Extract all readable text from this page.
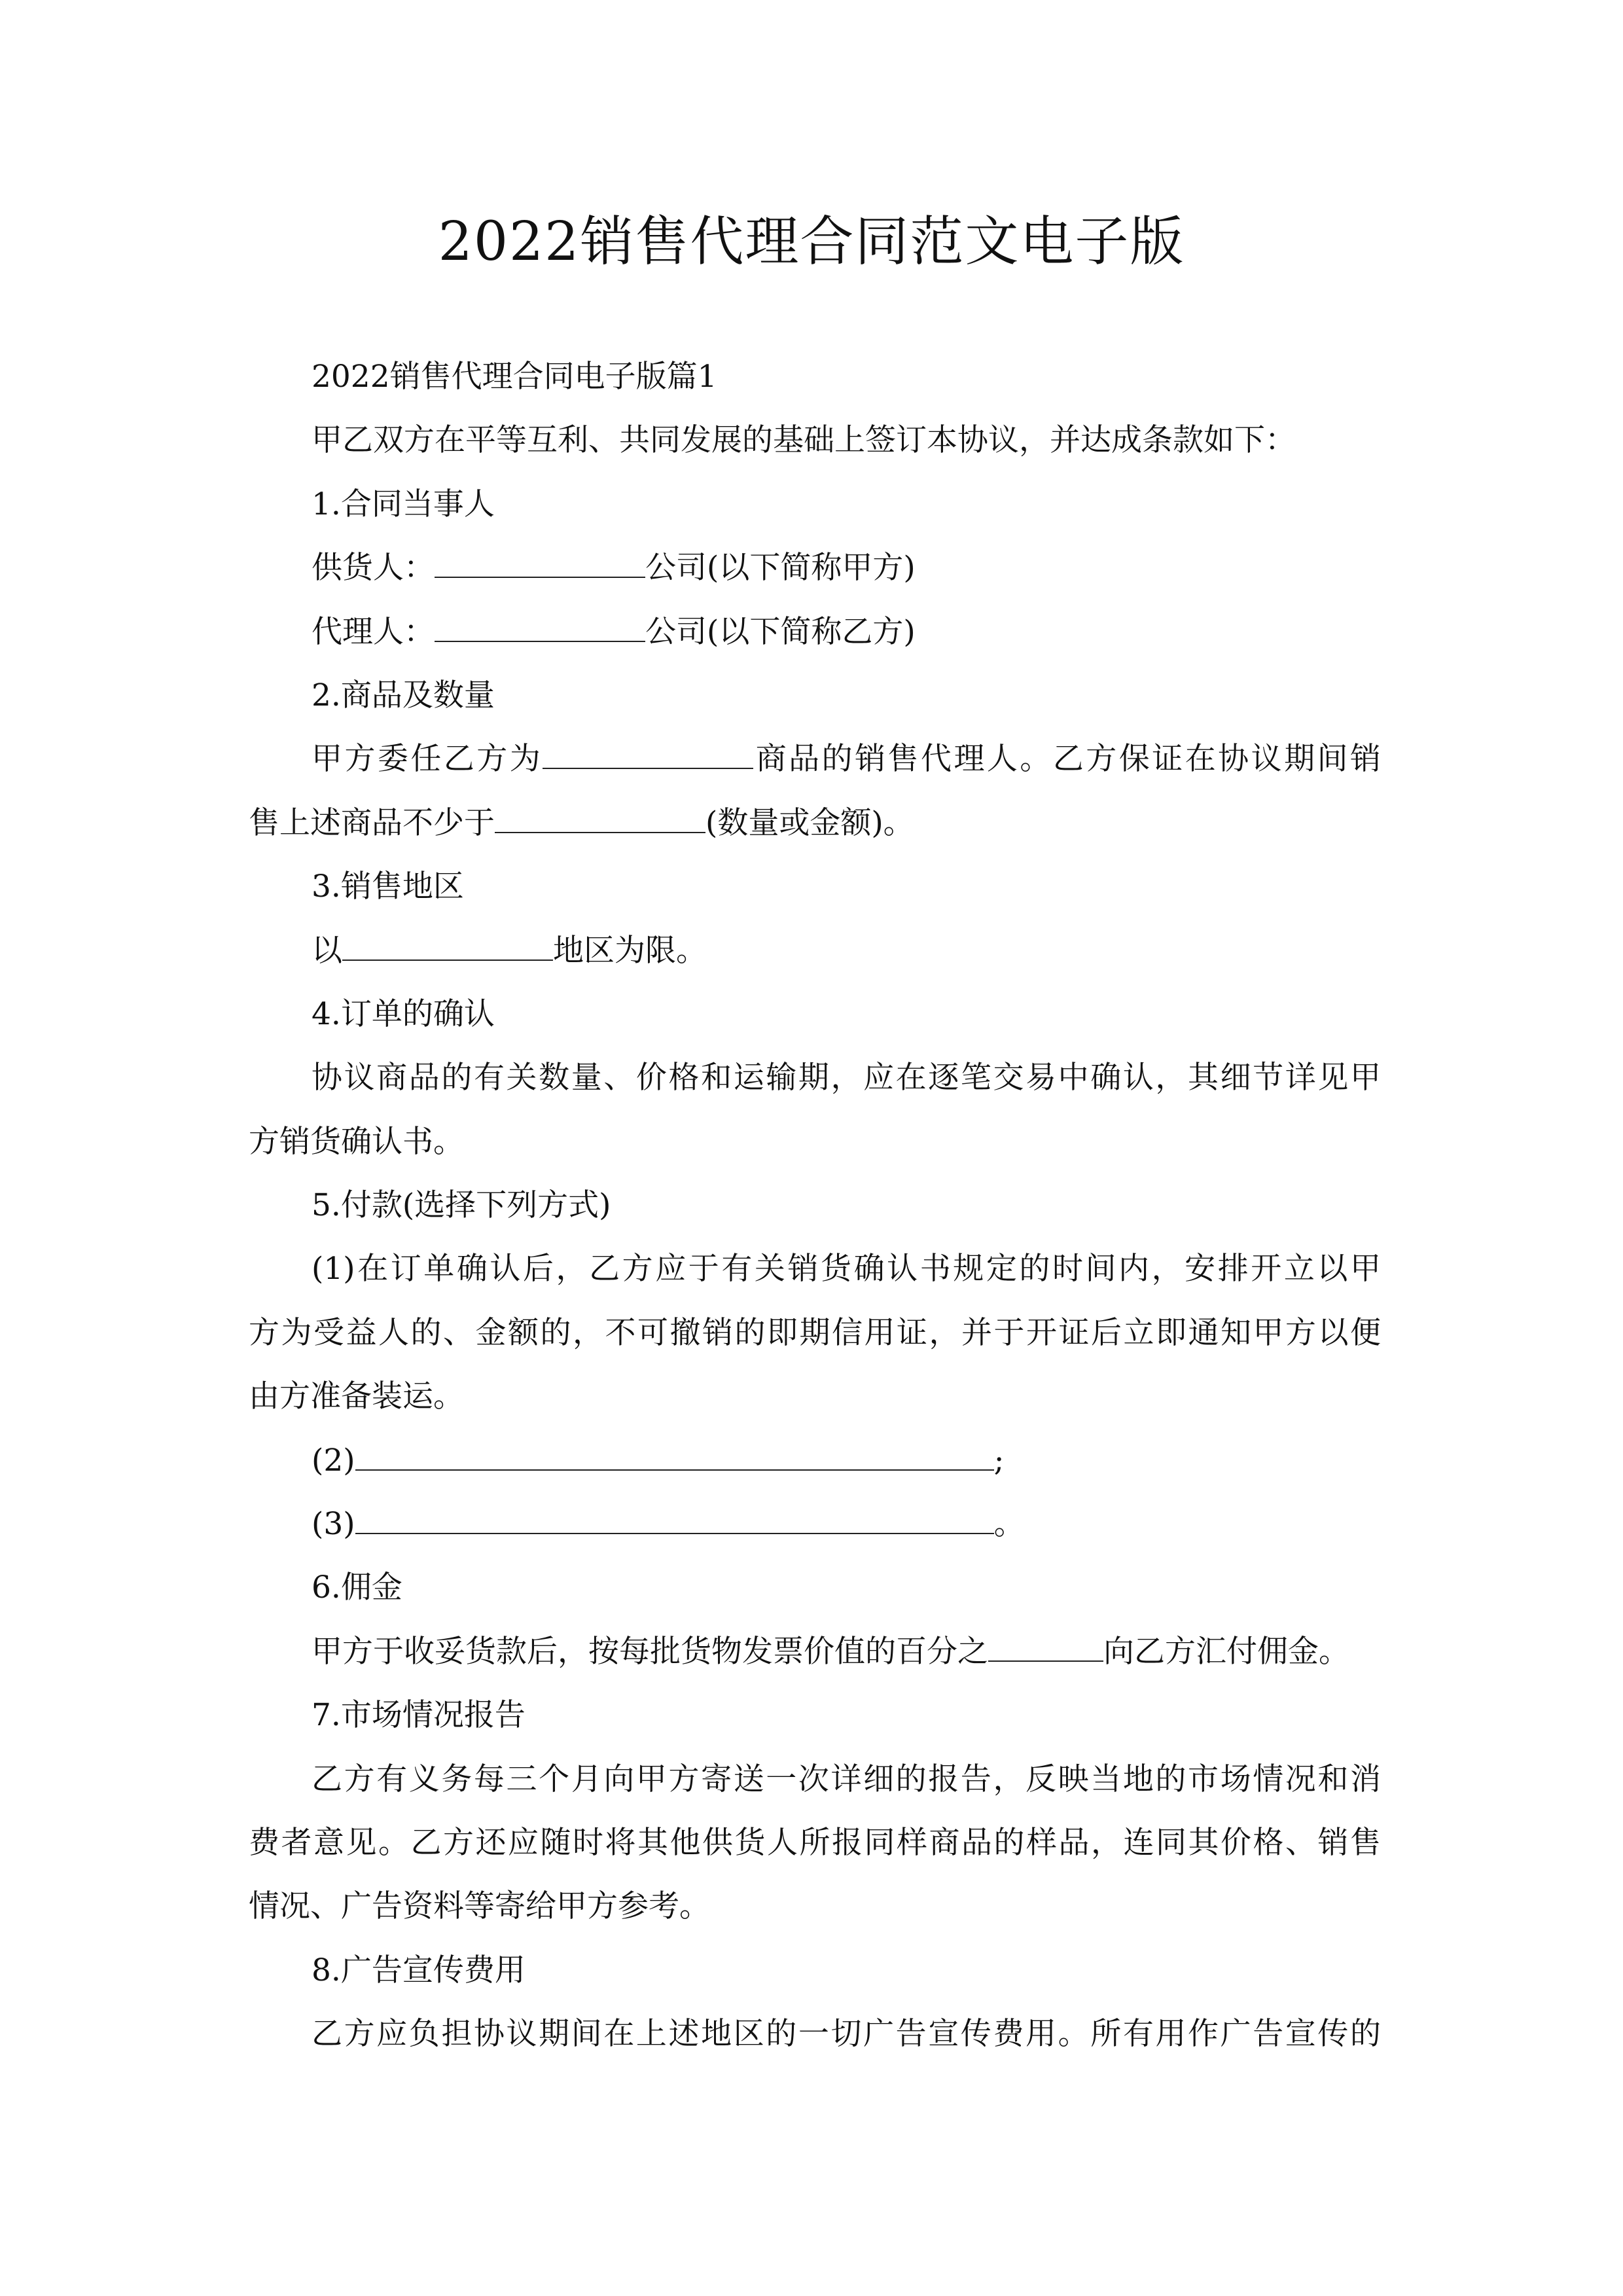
2022销售代理合同范文电子版
2022销售代理合同电子版篇1
甲乙双方在平等互利、共同发展的基础上签订本协议，并达成条款如下：
1.合同当事人
供货人：	公司(以下简称甲方)
代理人：	公司(以下简称乙方)
2.商品及数量
甲方委任乙方为	商品的销售代理人。乙方保证在协议期间销
售上述商品不少于	(数量或金额)。
3.销售地区
以	地区为限。
4.订单的确认
协议商品的有关数量、价格和运输期，应在逐笔交易中确认，其细节详见甲
方销货确认书。
5.付款(选择下列方式)
(1)在订单确认后，乙方应于有关销货确认书规定的时间内，安排开立以甲
方为受益人的、金额的，不可撤销的即期信用证，并于开证后立即通知甲方以便
由方准备装运。
(2)	;
(3)	。
6.佣金
甲方于收妥货款后，按每批货物发票价值的百分之	向乙方汇付佣金。
7.市场情况报告
乙方有义务每三个月向甲方寄送一次详细的报告，反映当地的市场情况和消
费者意见。乙方还应随时将其他供货人所报同样商品的样品，连同其价格、销售
情况、广告资料等寄给甲方参考。
8.广告宣传费用
乙方应负担协议期间在上述地区的一切广告宣传费用。所有用作广告宣传的
